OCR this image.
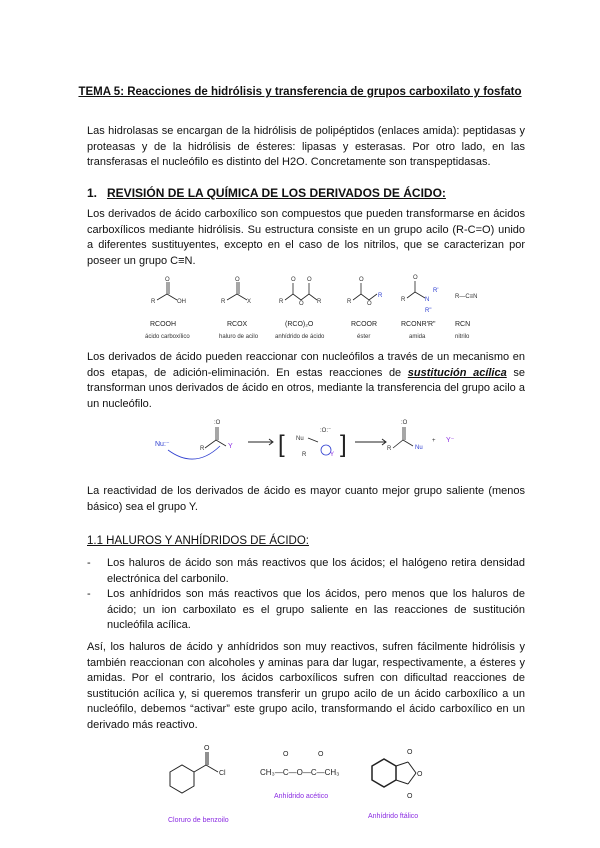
TEMA 5: Reacciones de hidrólisis y transferencia de grupos carboxilato y fosfato
Las hidrolasas se encargan de la hidrólisis de polipéptidos (enlaces amida): peptidasas y proteasas y de la hidrólisis de ésteres: lipasas y esterasas. Por otro lado, en las transferasas el nucleófilo es distinto del H2O. Concretamente son transpeptidasas.
1. REVISIÓN DE LA QUÍMICA DE LOS DERIVADOS DE ÁCIDO:
Los derivados de ácido carboxílico son compuestos que pueden transformarse en ácidos carboxílicos mediante hidrólisis. Su estructura consiste en un grupo acilo (R-C=O) unido a diferentes sustituyentes, excepto en el caso de los nitrilos, que se caracterizan por poseer un grupo C≡N.
O
R	OH
O
R	X
O O
O
R	R
O
O
R
R
O
R	N
R'
R"
R—C≡N
RCOOH	RCOX	(RCO)₂O	RCOOR	RCONR'R"	RCN
ácido carboxílico	haluro de acilo	anhídrido de ácido	éster	amida	nitrilo
Los derivados de ácido pueden reaccionar con nucleófilos a través de un mecanismo en dos etapas, de adición-eliminación. En estas reacciones de sustitución acílica se transforman unos derivados de ácido en otros, mediante la transferencia del grupo acilo a un nucleófilo.
Nu:⁻
:O
R	Y [ Nu
:O:⁻
Y
R ]
:O
R	Nu
+ Y⁻
La reactividad de los derivados de ácido es mayor cuanto mejor grupo saliente (menos básico) sea el grupo Y.
1.1 HALUROS Y ANHÍDRIDOS DE ÁCIDO:
- Los haluros de ácido son más reactivos que los ácidos; el halógeno retira densidad electrónica del carbonilo.
- Los anhídridos son más reactivos que los ácidos, pero menos que los haluros de ácido; un ion carboxilato es el grupo saliente en las reacciones de sustitución nucleófila acílica.
Así, los haluros de ácido y anhídridos son muy reactivos, sufren fácilmente hidrólisis y también reaccionan con alcoholes y aminas para dar lugar, respectivamente, a ésteres y amidas. Por el contrario, los ácidos carboxílicos sufren con dificultad reacciones de sustitución acílica y, si queremos transferir un grupo acilo de un ácido carboxílico a un nucleófilo, debemos “activar” este grupo acilo, transformando el ácido carboxílico en un derivado más reactivo.
O
Cl	CH₃—C—O—C—CH₃
O	O
O
O
O
Cloruro de benzoilo
Anhídrido acético
Anhídrido ftálico
